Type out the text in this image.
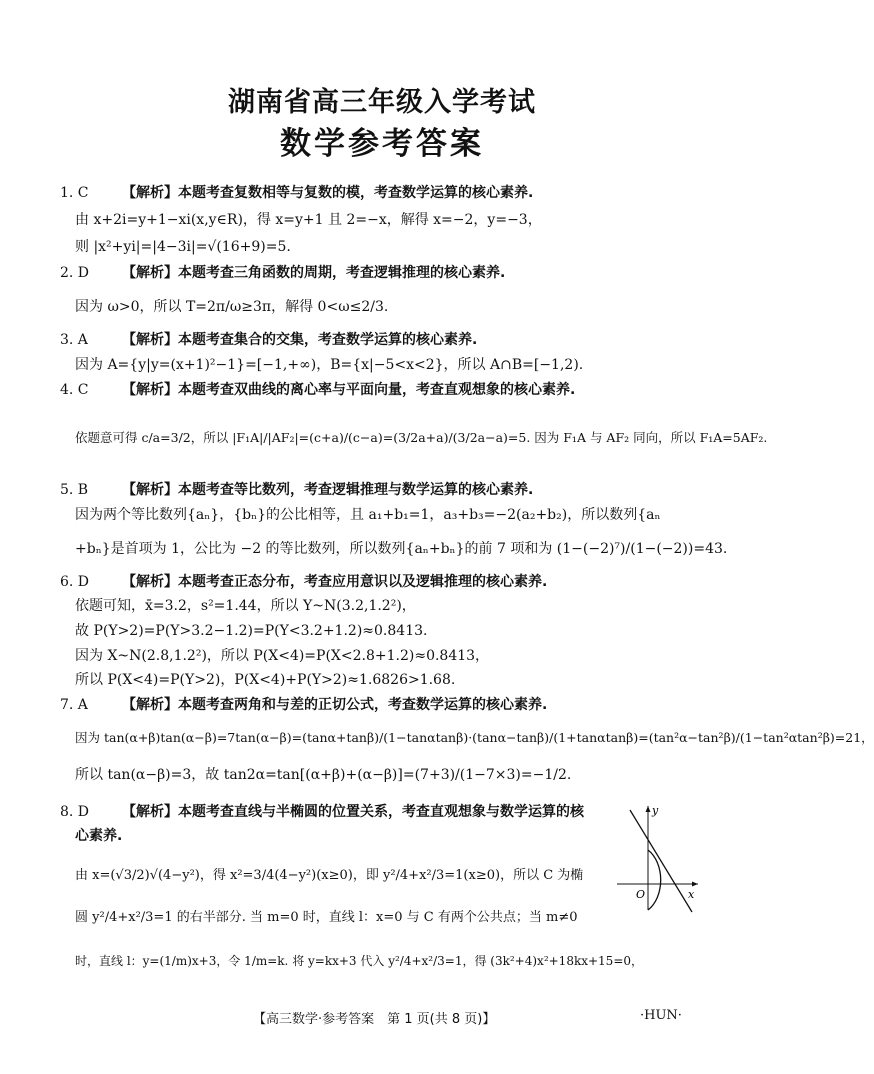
湖南省高三年级入学考试
数学参考答案
1. C 【解析】本题考查复数相等与复数的模，考查数学运算的核心素养.
由 x+2i=y+1−xi(x,y∈R)，得 x=y+1 且 2=−x，解得 x=−2，y=−3，
则 |x²+yi|=|4−3i|=√(16+9)=5.
2. D 【解析】本题考查三角函数的周期，考查逻辑推理的核心素养.
因为 ω>0，所以 T=2π/ω≥3π，解得 0<ω≤2/3.
3. A 【解析】本题考查集合的交集，考查数学运算的核心素养.
因为 A={y|y=(x+1)²−1}=[−1,+∞)，B={x|−5<x<2}，所以 A∩B=[−1,2).
4. C 【解析】本题考查双曲线的离心率与平面向量，考查直观想象的核心素养.
依题意可得 c/a=3/2，所以 |F₁A|/|AF₂|=(c+a)/(c−a)=(3/2a+a)/(3/2a−a)=5. 因为 F₁A 与 AF₂ 同向，所以 F₁A=5AF₂.
5. B 【解析】本题考查等比数列，考查逻辑推理与数学运算的核心素养.
因为两个等比数列{aₙ}，{bₙ}的公比相等，且 a₁+b₁=1，a₃+b₃=−2(a₂+b₂)，所以数列{aₙ
+bₙ}是首项为 1，公比为 −2 的等比数列，所以数列{aₙ+bₙ}的前 7 项和为 (1−(−2)⁷)/(1−(−2))=43.
6. D 【解析】本题考查正态分布，考查应用意识以及逻辑推理的核心素养.
依题可知，x̄=3.2，s²=1.44，所以 Y~N(3.2,1.2²)，
故 P(Y>2)=P(Y>3.2−1.2)=P(Y<3.2+1.2)≈0.8413.
因为 X~N(2.8,1.2²)，所以 P(X<4)=P(X<2.8+1.2)≈0.8413，
所以 P(X<4)=P(Y>2)，P(X<4)+P(Y>2)≈1.6826>1.68.
7. A 【解析】本题考查两角和与差的正切公式，考查数学运算的核心素养.
因为 tan(α+β)tan(α−β)=7tan(α−β)=(tanα+tanβ)/(1−tanαtanβ)·(tanα−tanβ)/(1+tanαtanβ)=(tan²α−tan²β)/(1−tan²αtan²β)=21，
所以 tan(α−β)=3，故 tan2α=tan[(α+β)+(α−β)]=(7+3)/(1−7×3)=−1/2.
8. D 【解析】本题考查直线与半椭圆的位置关系，考查直观想象与数学运算的核
心素养.
由 x=(√3/2)√(4−y²)，得 x²=3/4(4−y²)(x≥0)，即 y²/4+x²/3=1(x≥0)，所以 C 为椭
圆 y²/4+x²/3=1 的右半部分. 当 m=0 时，直线 l：x=0 与 C 有两个公共点；当 m≠0
时，直线 l：y=(1/m)x+3，令 1/m=k. 将 y=kx+3 代入 y²/4+x²/3=1，得 (3k²+4)x²+18kx+15=0，
y
x
O
【高三数学·参考答案　第 1 页(共 8 页)】	·HUN·
